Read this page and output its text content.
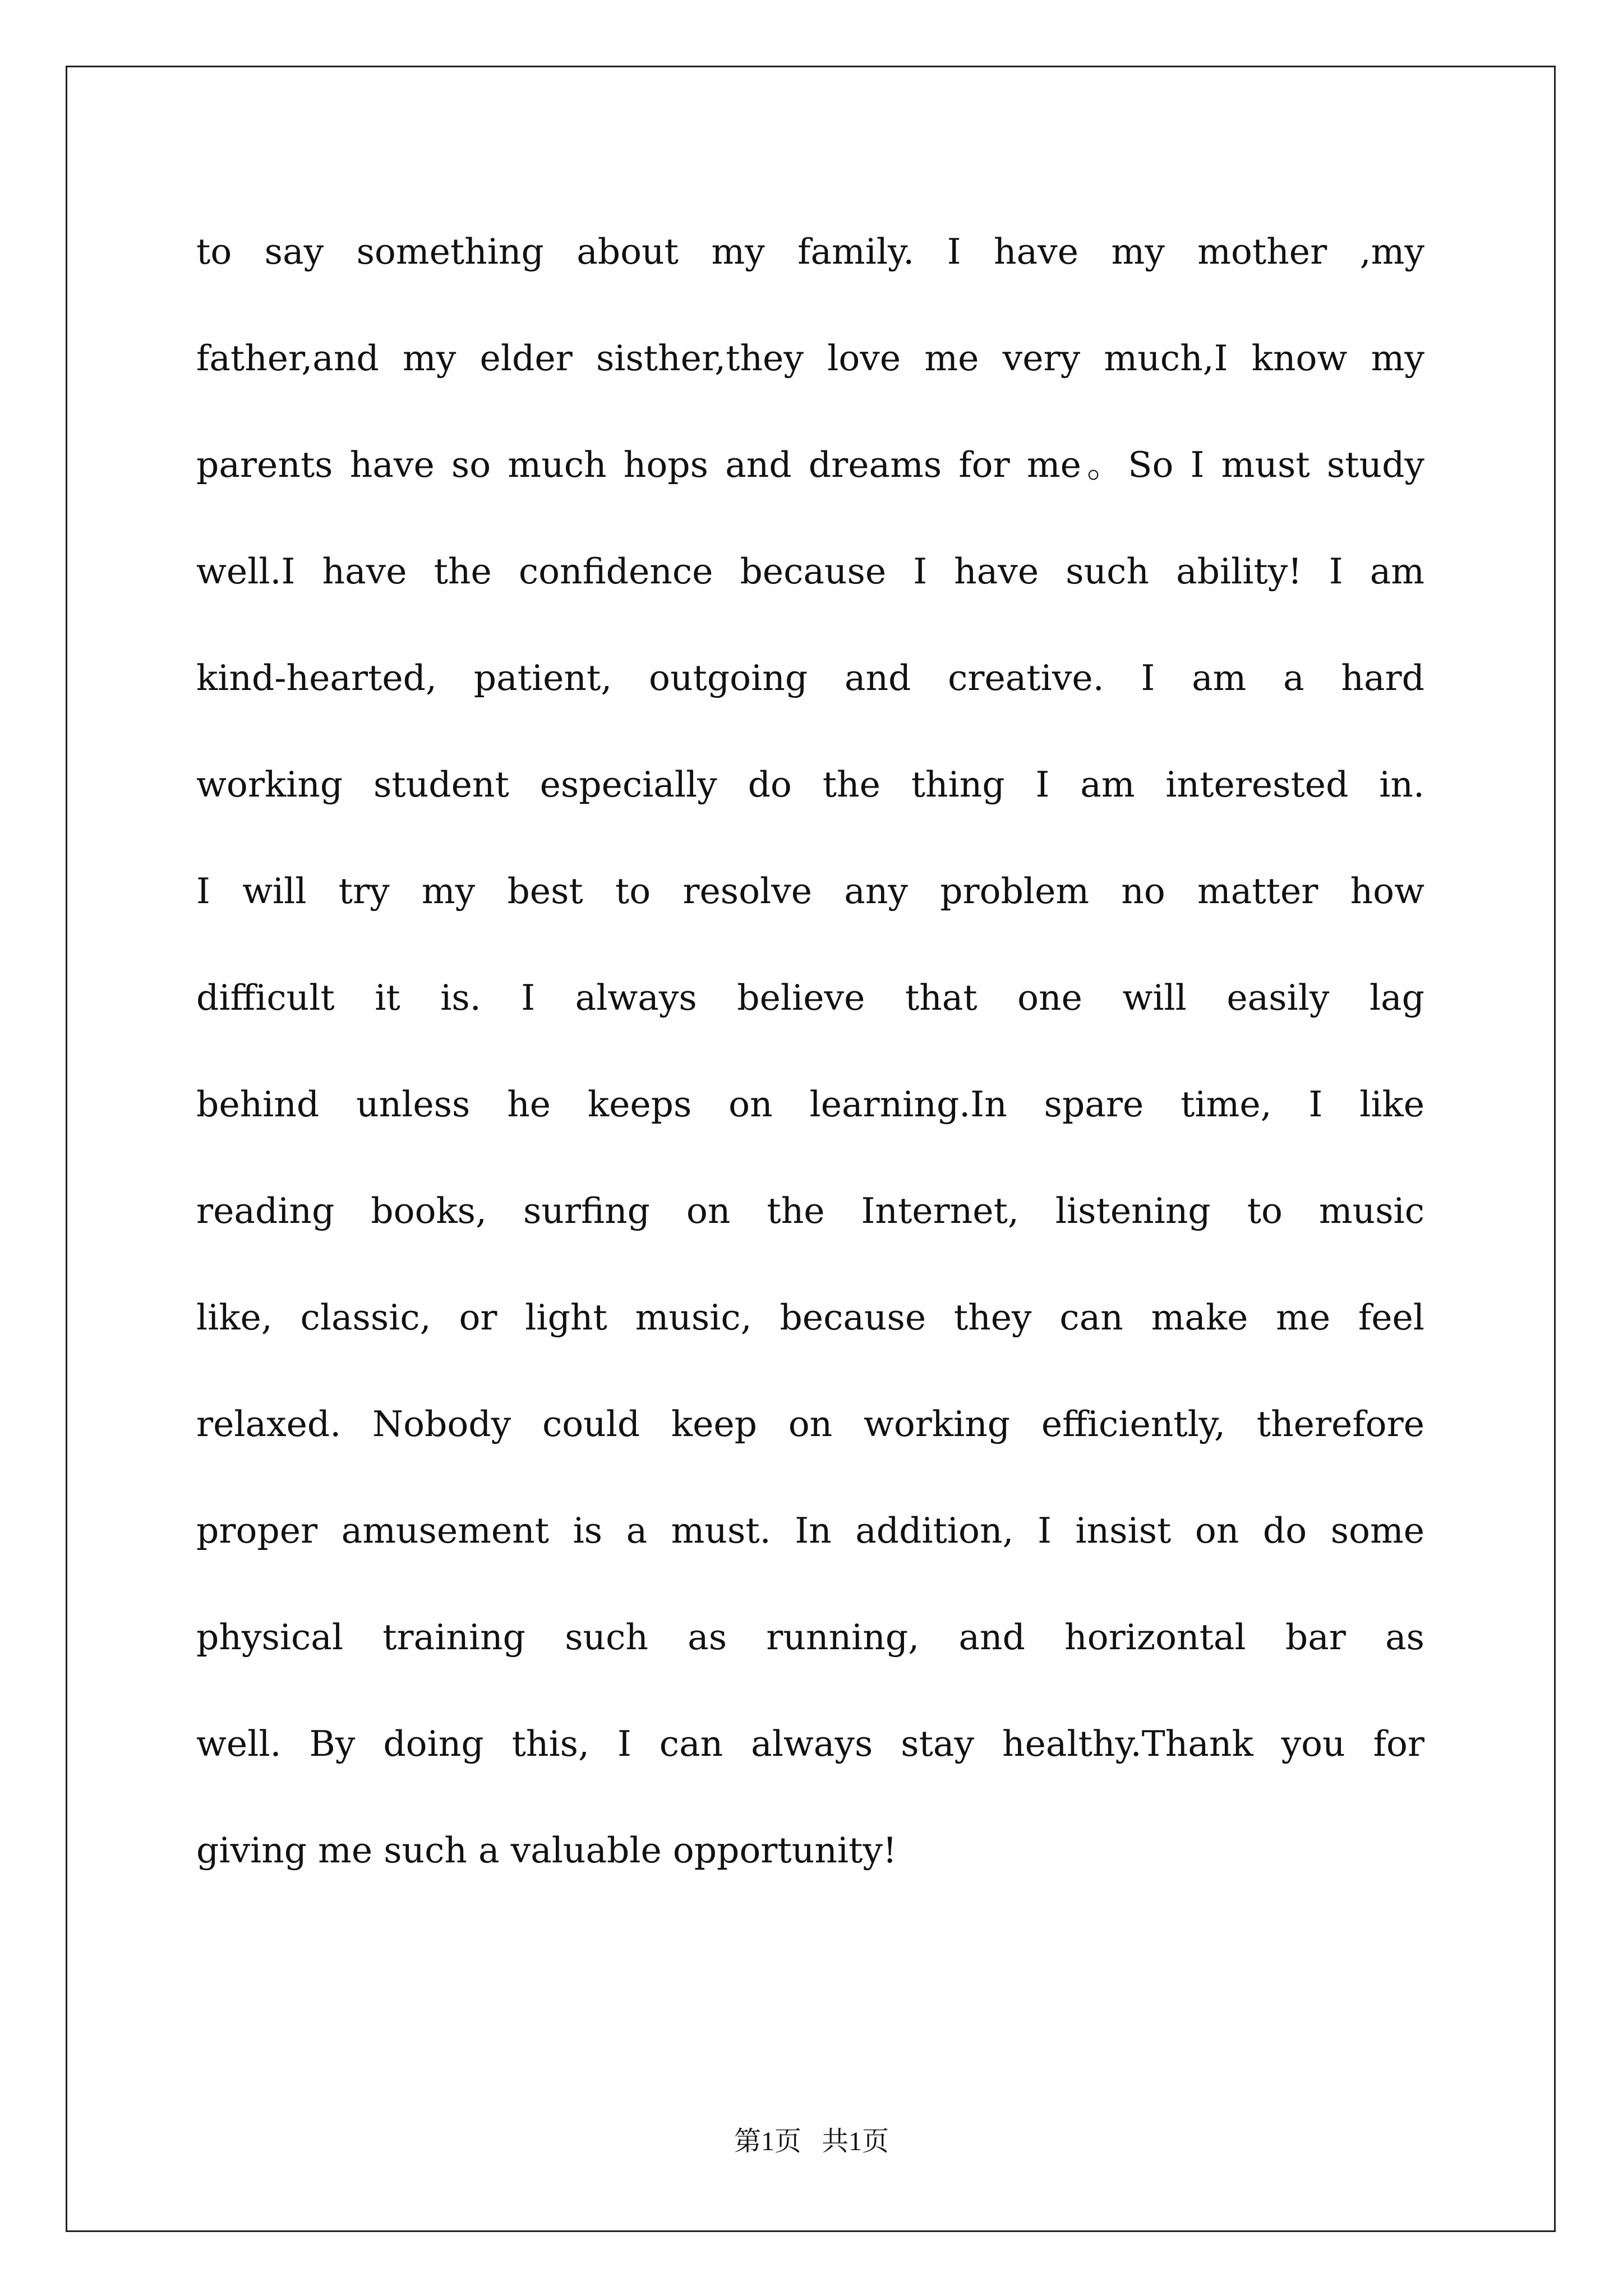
to say something about my family. I have my mother ,my
father,and my elder sisther,they love me very much,I know my
parents have so much hops and dreams for me。So I must study
well.I have the confidence because I have such ability! I am
kind-hearted, patient, outgoing and creative. I am a hard
working student especially do the thing I am interested in.
I will try my best to resolve any problem no matter how
difficult it is. I always believe that one will easily lag
behind unless he keeps on learning.In spare time, I like
reading books, surfing on the Internet, listening to music
like, classic, or light music, because they can make me feel
relaxed. Nobody could keep on working efficiently, therefore
proper amusement is a must. In addition, I insist on do some
physical training such as running, and horizontal bar as
well. By doing this, I can always stay healthy.Thank you for
giving me such a valuable opportunity!
第1页   共1页
